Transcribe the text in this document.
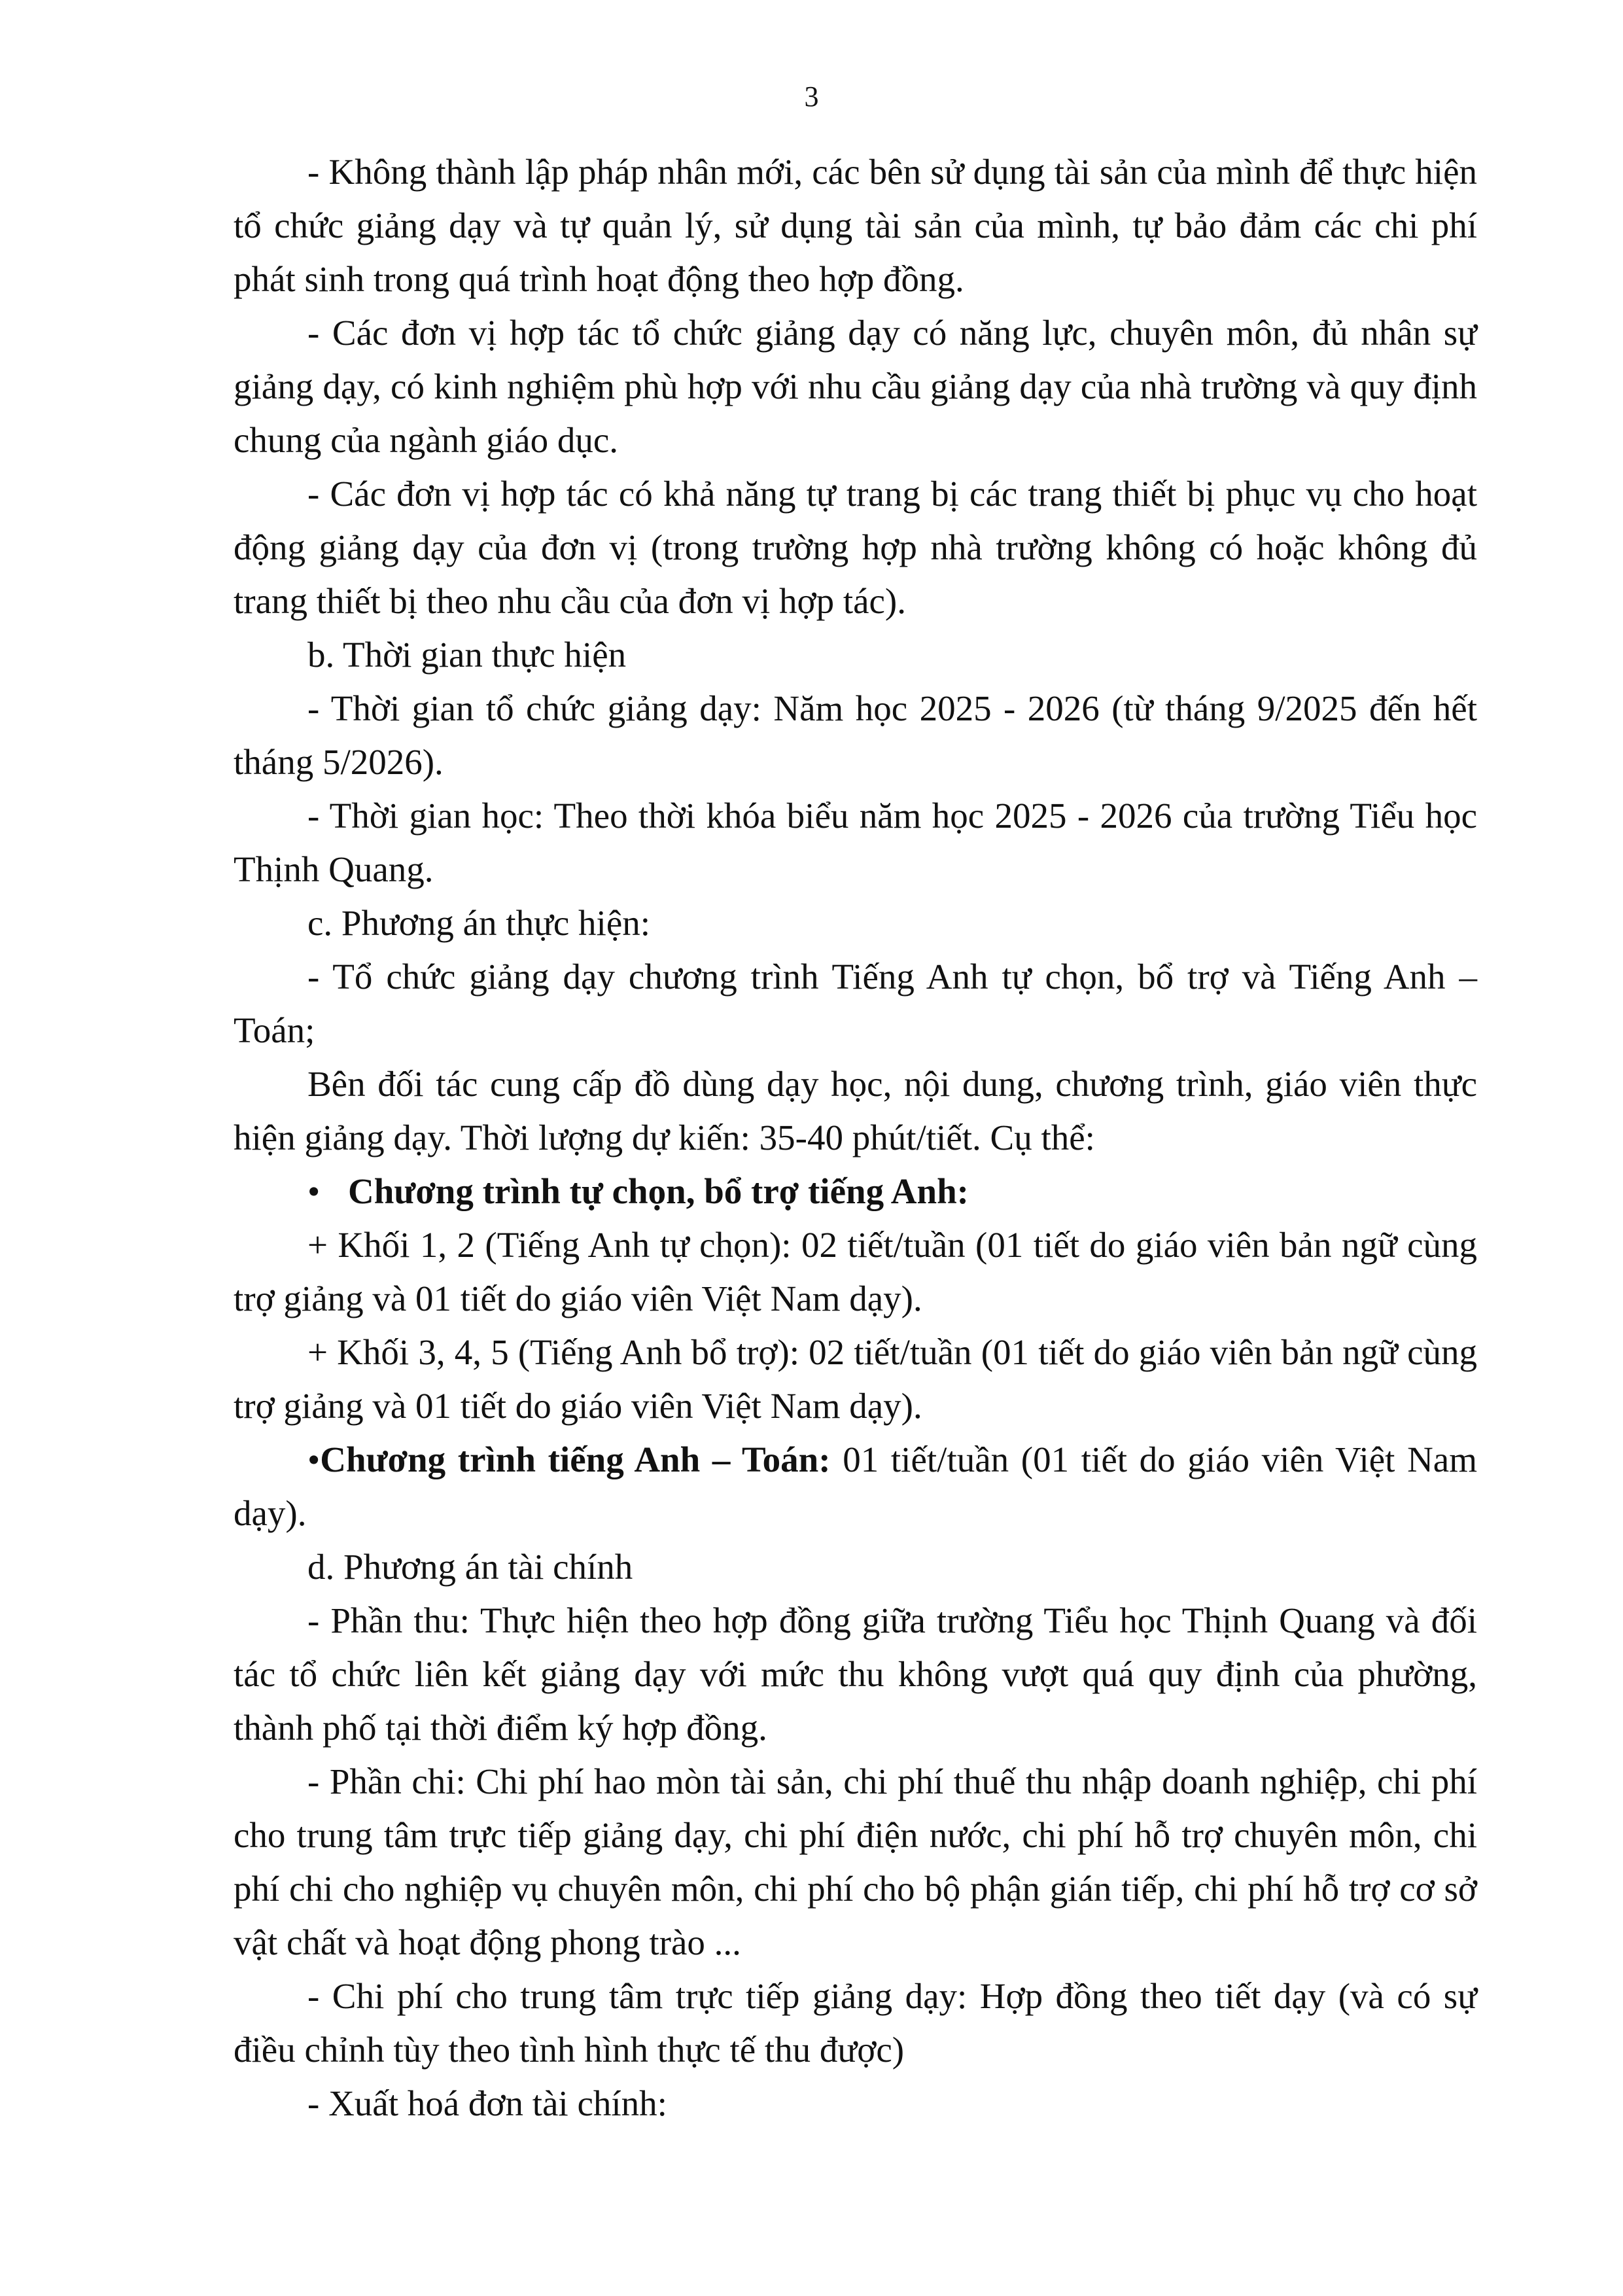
3

- Không thành lập pháp nhân mới, các bên sử dụng tài sản của mình để thực hiện tổ chức giảng dạy và tự quản lý, sử dụng tài sản của mình, tự bảo đảm các chi phí phát sinh trong quá trình hoạt động theo hợp đồng.

- Các đơn vị hợp tác tổ chức giảng dạy có năng lực, chuyên môn, đủ nhân sự giảng dạy, có kinh nghiệm phù hợp với nhu cầu giảng dạy của nhà trường và quy định chung của ngành giáo dục.

- Các đơn vị hợp tác có khả năng tự trang bị các trang thiết bị phục vụ cho hoạt động giảng dạy của đơn vị (trong trường hợp nhà trường không có hoặc không đủ trang thiết bị theo nhu cầu của đơn vị hợp tác).

b. Thời gian thực hiện

- Thời gian tổ chức giảng dạy: Năm học 2025 - 2026 (từ tháng 9/2025 đến hết tháng 5/2026).

- Thời gian học: Theo thời khóa biểu năm học 2025 - 2026 của trường Tiểu học Thịnh Quang.

c. Phương án thực hiện:

- Tổ chức giảng dạy chương trình Tiếng Anh tự chọn, bổ trợ và Tiếng Anh – Toán;

Bên đối tác cung cấp đồ dùng dạy học, nội dung, chương trình, giáo viên thực hiện giảng dạy. Thời lượng dự kiến: 35-40 phút/tiết. Cụ thể:

• Chương trình tự chọn, bổ trợ tiếng Anh:

+ Khối 1, 2 (Tiếng Anh tự chọn): 02 tiết/tuần (01 tiết do giáo viên bản ngữ cùng trợ giảng và 01 tiết do giáo viên Việt Nam dạy).

+ Khối 3, 4, 5 (Tiếng Anh bổ trợ): 02 tiết/tuần (01 tiết do giáo viên bản ngữ cùng trợ giảng và 01 tiết do giáo viên Việt Nam dạy).

•Chương trình tiếng Anh – Toán: 01 tiết/tuần (01 tiết do giáo viên Việt Nam dạy).

d. Phương án tài chính

- Phần thu: Thực hiện theo hợp đồng giữa trường Tiểu học Thịnh Quang và đối tác tổ chức liên kết giảng dạy với mức thu không vượt quá quy định của phường, thành phố tại thời điểm ký hợp đồng.

- Phần chi: Chi phí hao mòn tài sản, chi phí thuế thu nhập doanh nghiệp, chi phí cho trung tâm trực tiếp giảng dạy, chi phí điện nước, chi phí hỗ trợ chuyên môn, chi phí chi cho nghiệp vụ chuyên môn, chi phí cho bộ phận gián tiếp, chi phí hỗ trợ cơ sở vật chất và hoạt động phong trào ...

- Chi phí cho trung tâm trực tiếp giảng dạy: Hợp đồng theo tiết dạy (và có sự điều chỉnh tùy theo tình hình thực tế thu được)

- Xuất hoá đơn tài chính:
